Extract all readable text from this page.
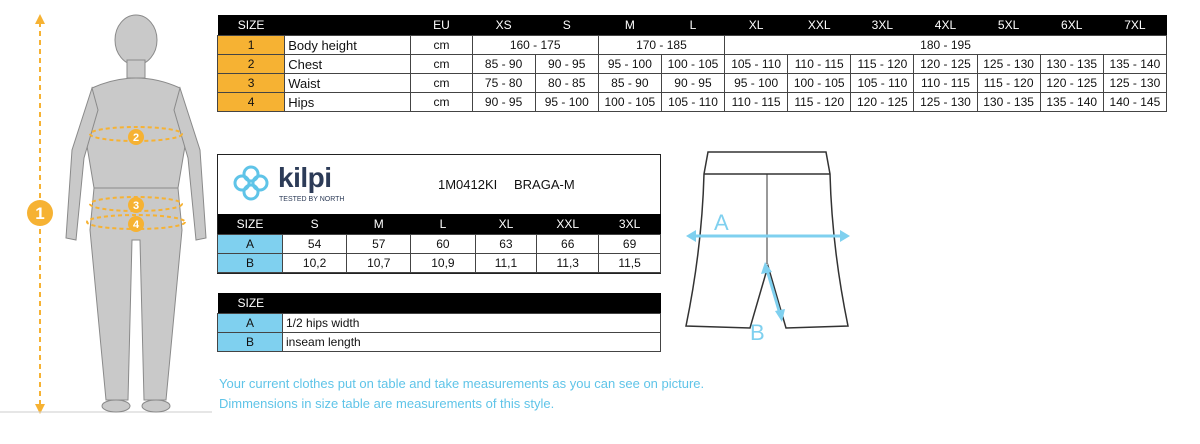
1
2
3
4
SIZE		EU	XS	S	M	L	XL	XXL	3XL	4XL	5XL	6XL	7XL
1	Body height	cm	160 - 175		170 - 185		180 - 195						
2	Chest	cm	85 - 90	90 - 95	95 - 100	100 - 105	105 - 110	110 - 115	115 - 120	120 - 125	125 - 130	130 - 135	135 - 140
3	Waist	cm	75 - 80	80 - 85	85 - 90	90 - 95	95 - 100	100 - 105	105 - 110	110 - 115	115 - 120	120 - 125	125 - 130
4	Hips	cm	90 - 95	95 - 100	100 - 105	105 - 110	110 - 115	115 - 120	120 - 125	125 - 130	130 - 135	135 - 140	140 - 145
kilpi
TESTED BY NORTH
1M0412KI BRAGA-M
SIZE	S	M	L	XL	XXL	3XL
A	54	57	60	63	66	69
B	10,2	10,7	10,9	11,1	11,3	11,5
SIZE	
A	1/2 hips width
B	inseam length
A
B
Your current clothes put on table and take measurements as you can see on picture.
Dimmensions in size table are measurements of this style.
